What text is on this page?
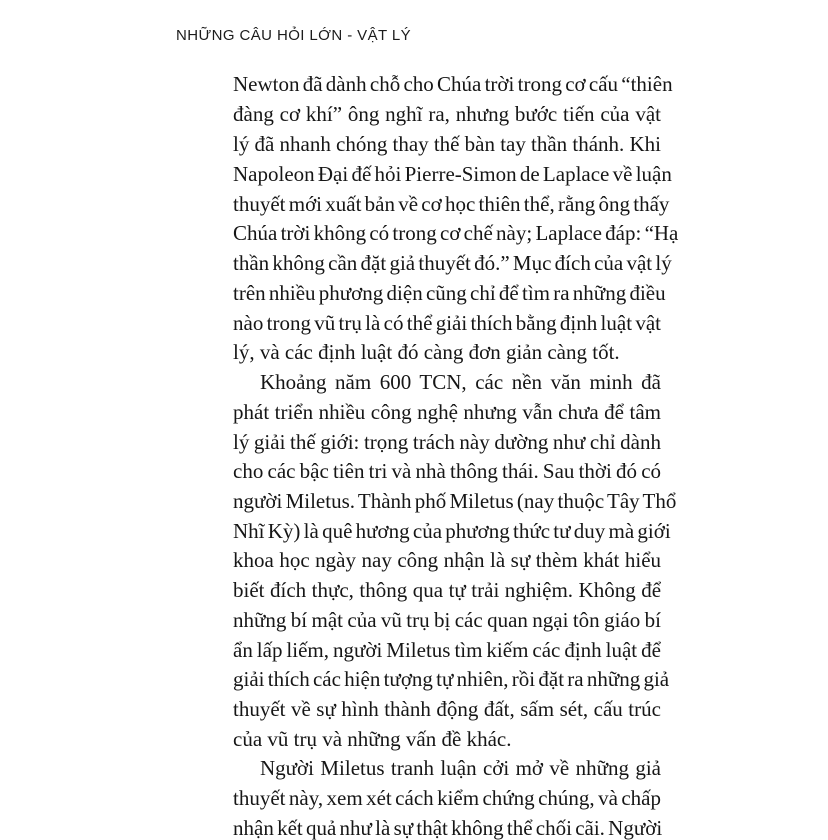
NHỮNG CÂU HỎI LỚN - VẬT LÝ
Newton đã dành chỗ cho Chúa trời trong cơ cấu “thiên
đàng cơ khí” ông nghĩ ra, nhưng bước tiến của vật
lý đã nhanh chóng thay thế bàn tay thần thánh. Khi
Napoleon Đại đế hỏi Pierre-Simon de Laplace về luận
thuyết mới xuất bản về cơ học thiên thể, rằng ông thấy
Chúa trời không có trong cơ chế này; Laplace đáp: “Hạ
thần không cần đặt giả thuyết đó.” Mục đích của vật lý
trên nhiều phương diện cũng chỉ để tìm ra những điều
nào trong vũ trụ là có thể giải thích bằng định luật vật
lý, và các định luật đó càng đơn giản càng tốt.
Khoảng năm 600 TCN, các nền văn minh đã
phát triển nhiều công nghệ nhưng vẫn chưa để tâm
lý giải thế giới: trọng trách này dường như chỉ dành
cho các bậc tiên tri và nhà thông thái. Sau thời đó có
người Miletus. Thành phố Miletus (nay thuộc Tây Thổ
Nhĩ Kỳ) là quê hương của phương thức tư duy mà giới
khoa học ngày nay công nhận là sự thèm khát hiểu
biết đích thực, thông qua tự trải nghiệm. Không để
những bí mật của vũ trụ bị các quan ngại tôn giáo bí
ẩn lấp liếm, người Miletus tìm kiếm các định luật để
giải thích các hiện tượng tự nhiên, rồi đặt ra những giả
thuyết về sự hình thành động đất, sấm sét, cấu trúc
của vũ trụ và những vấn đề khác.
Người Miletus tranh luận cởi mở về những giả
thuyết này, xem xét cách kiểm chứng chúng, và chấp
nhận kết quả như là sự thật không thể chối cãi. Người
